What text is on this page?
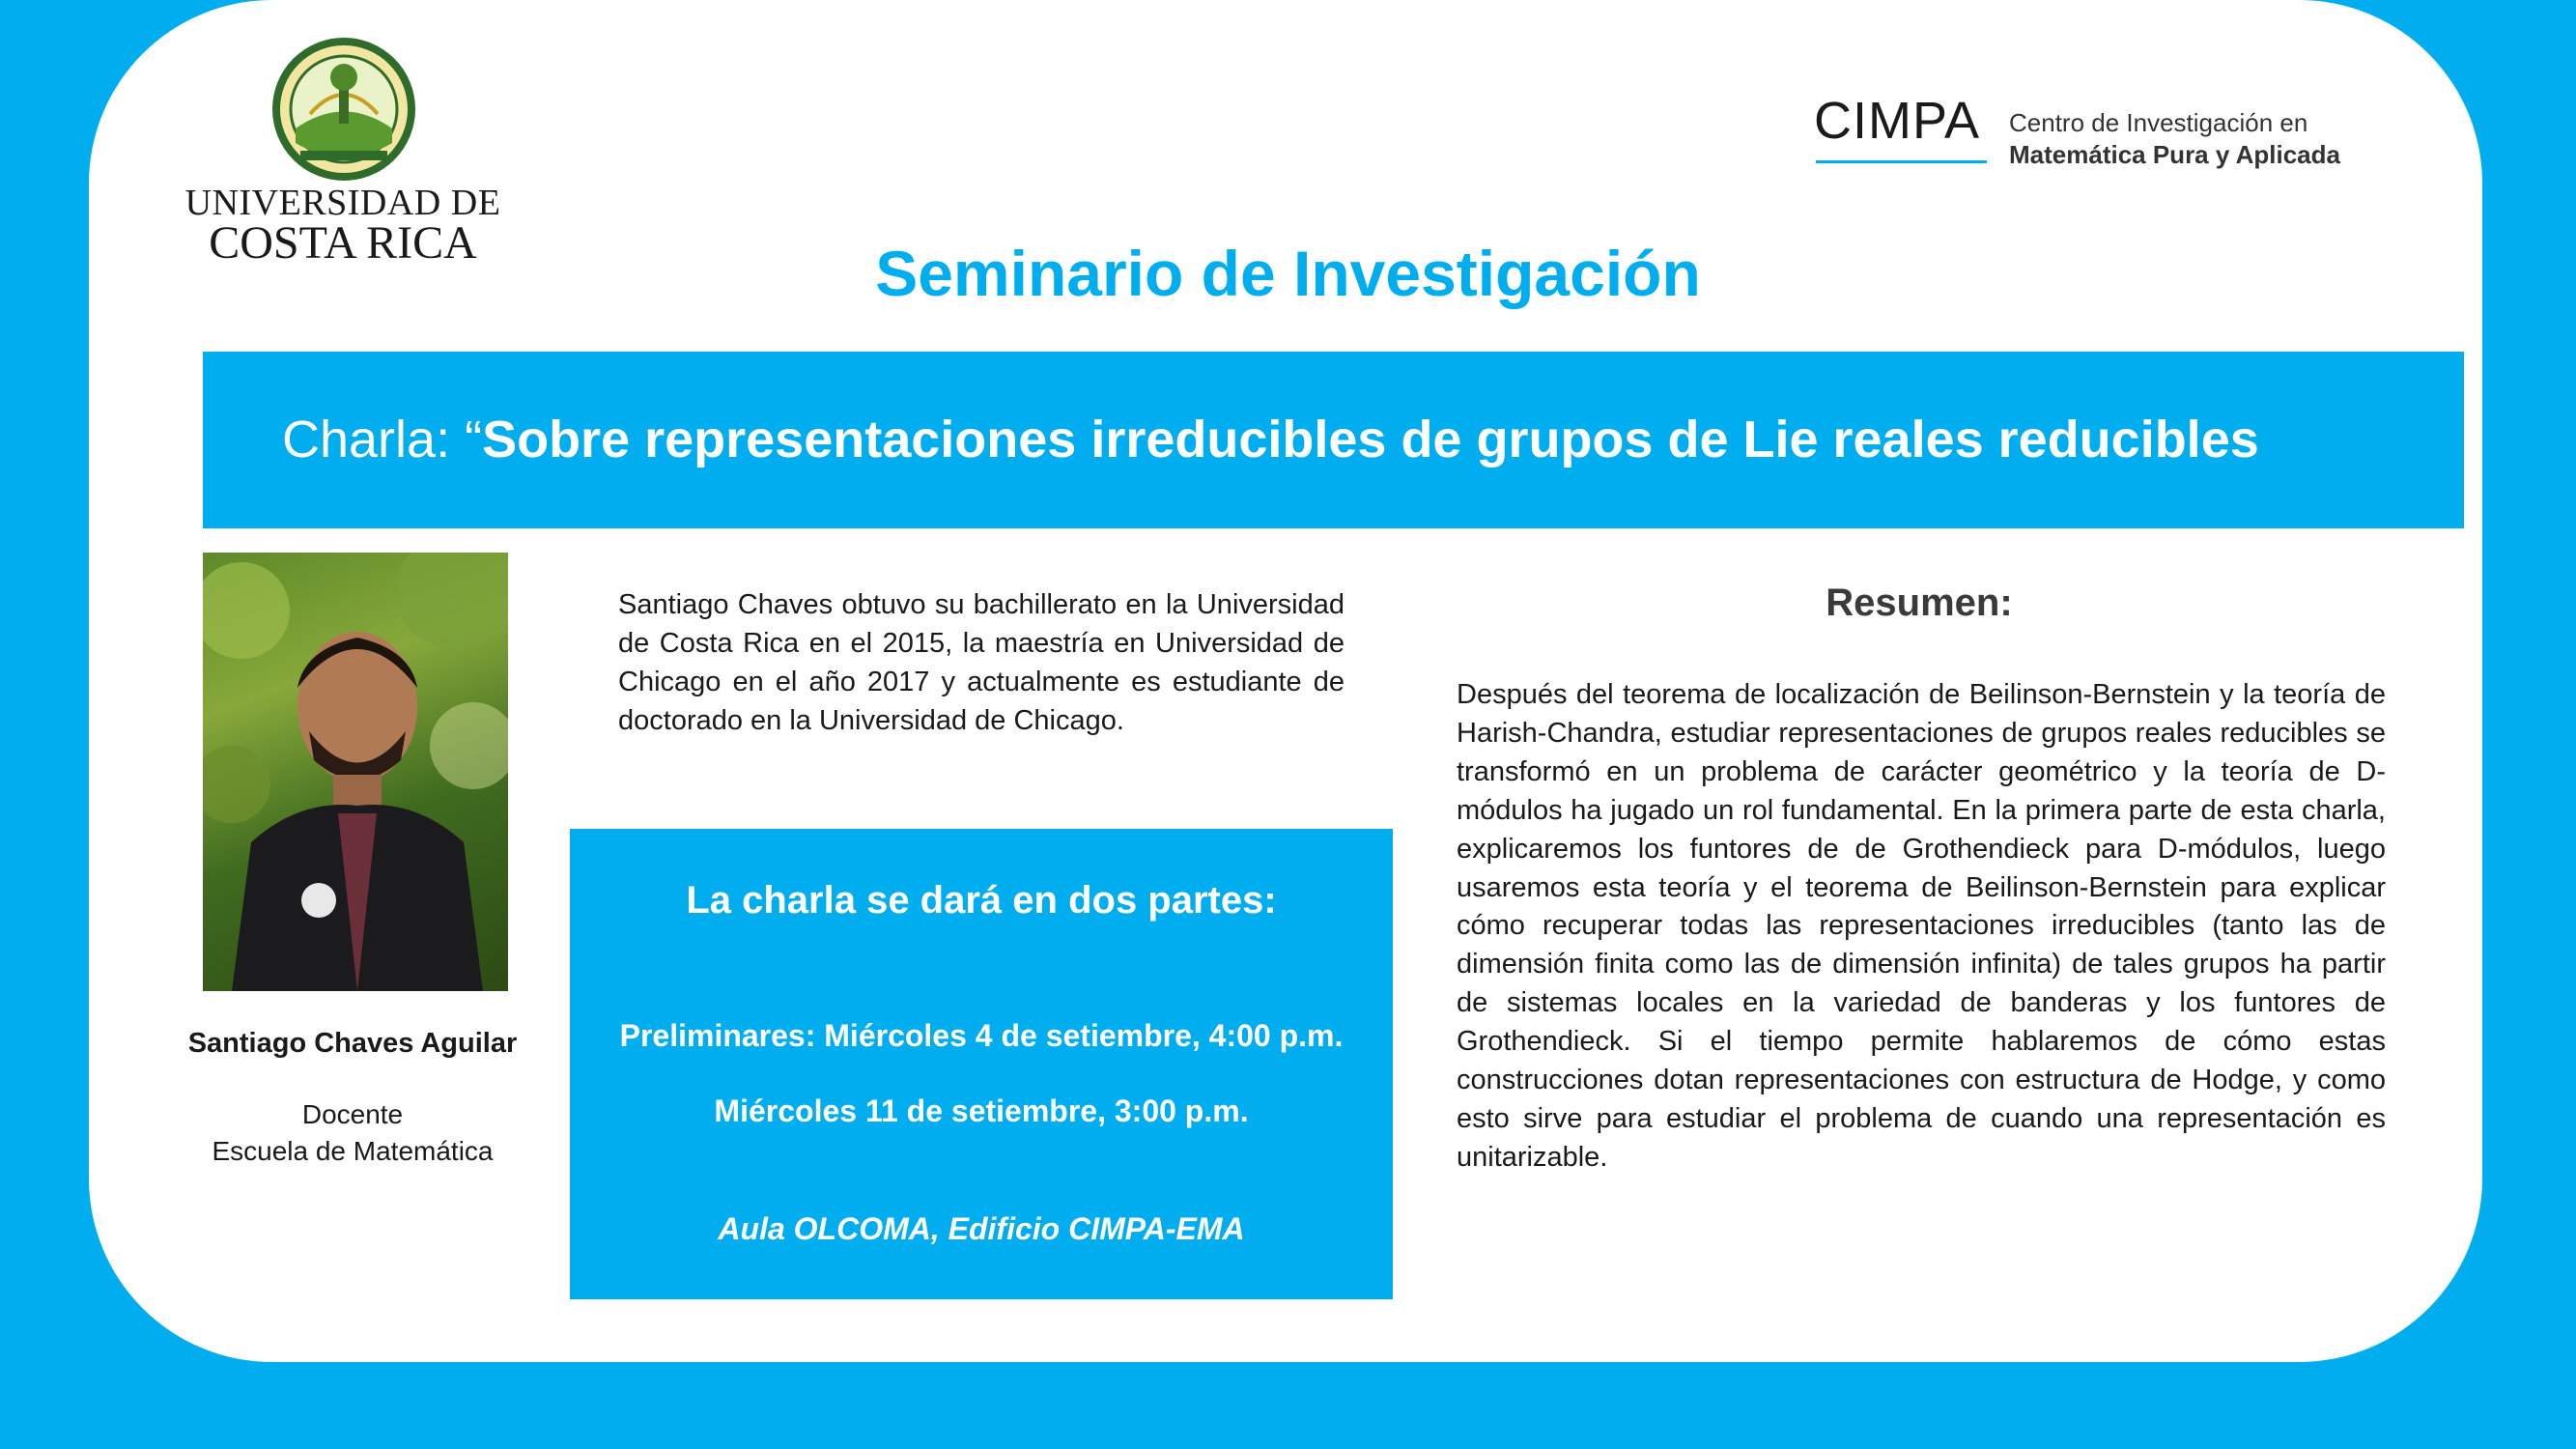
UNIVERSIDAD DE
COSTA RICA
CIMPA Centro de Investigación en
Matemática Pura y Aplicada
Seminario de Investigación
Charla: “Sobre representaciones irreducibles de grupos de Lie reales reducibles
Santiago Chaves Aguilar
Docente
Escuela de Matemática
Santiago Chaves obtuvo su bachillerato en la Universidad de Costa Rica en el 2015, la maestría en Universidad de Chicago en el año 2017 y actualmente es estudiante de doctorado en la Universidad de Chicago.
La charla se dará en dos partes:
Preliminares: Miércoles 4 de setiembre, 4:00 p.m.
Miércoles 11 de setiembre, 3:00 p.m.
Aula OLCOMA, Edificio CIMPA-EMA
Resumen:
Después del teorema de localización de Beilinson-Bernstein y la teoría de Harish-Chandra, estudiar representaciones de grupos reales reducibles se transformó en un problema de carácter geométrico y la teoría de D-módulos ha jugado un rol fundamental. En la primera parte de esta charla, explicaremos los funtores de de Grothendieck para D-módulos, luego usaremos esta teoría y el teorema de Beilinson-Bernstein para explicar cómo recuperar todas las representaciones irreducibles (tanto las de dimensión finita como las de dimensión infinita) de tales grupos ha partir de sistemas locales en la variedad de banderas y los funtores de Grothendieck. Si el tiempo permite hablaremos de cómo estas construcciones dotan representaciones con estructura de Hodge, y como esto sirve para estudiar el problema de cuando una representación es unitarizable.
